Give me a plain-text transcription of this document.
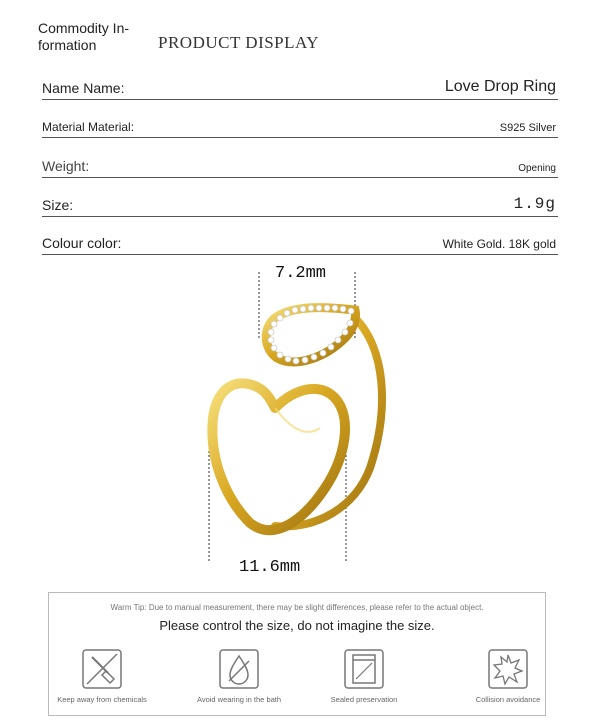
Commodity In-
formation	PRODUCT DISPLAY
Name Name:	Love Drop Ring
Material Material:	S925 Silver
Weight:	Opening
Size:	1.9g
Colour color:	White Gold. 18K gold
7.2mm
11.6mm
Warm Tip: Due to manual measurement, there may be slight differences, please refer to the actual object.
Please control the size, do not imagine the size.
Keep away from chemicals	Avoid wearing in the bath	Sealed preservation	Collision avoidance
